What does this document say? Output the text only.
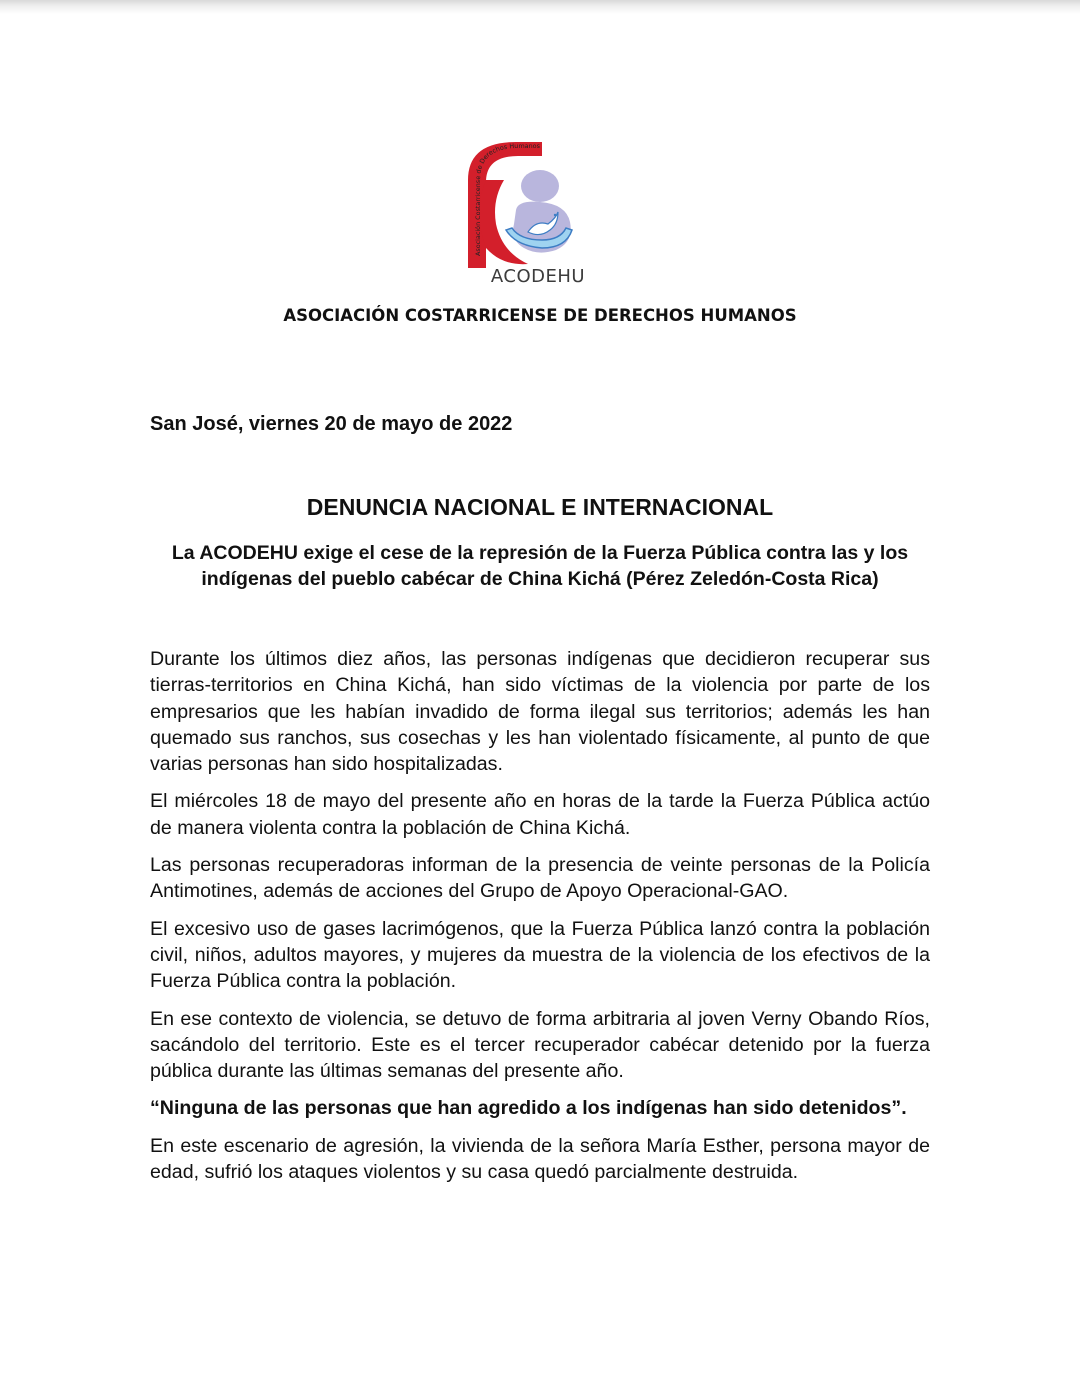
Asociación Costarricense de Derechos Humanos
ACODEHU
ASOCIACIÓN COSTARRICENSE DE DERECHOS HUMANOS
San José, viernes 20 de mayo de 2022
DENUNCIA NACIONAL E INTERNACIONAL
La ACODEHU exige el cese de la represión de la Fuerza Pública contra las y los indígenas del pueblo cabécar de China Kichá (Pérez Zeledón-Costa Rica)

Durante los últimos diez años, las personas indígenas que decidieron recuperar sus tierras-territorios en China Kichá, han sido víctimas de la violencia por parte de los empresarios que les habían invadido de forma ilegal sus territorios; además les han quemado sus ranchos, sus cosechas y les han violentado físicamente, al punto de que varias personas han sido hospitalizadas.

El miércoles 18 de mayo del presente año en horas de la tarde la Fuerza Pública actúo de manera violenta contra la población de China Kichá.

Las personas recuperadoras informan de la presencia de veinte personas de la Policía Antimotines, además de acciones del Grupo de Apoyo Operacional-GAO.

El excesivo uso de gases lacrimógenos, que la Fuerza Pública lanzó contra la población civil, niños, adultos mayores, y mujeres da muestra de la violencia de los efectivos de la Fuerza Pública contra la población.

En ese contexto de violencia, se detuvo de forma arbitraria al joven Verny Obando Ríos, sacándolo del territorio. Este es el tercer recuperador cabécar detenido por la fuerza pública durante las últimas semanas del presente año.

“Ninguna de las personas que han agredido a los indígenas han sido detenidos”.

En este escenario de agresión, la vivienda de la señora María Esther, persona mayor de edad, sufrió los ataques violentos y su casa quedó parcialmente destruida.
